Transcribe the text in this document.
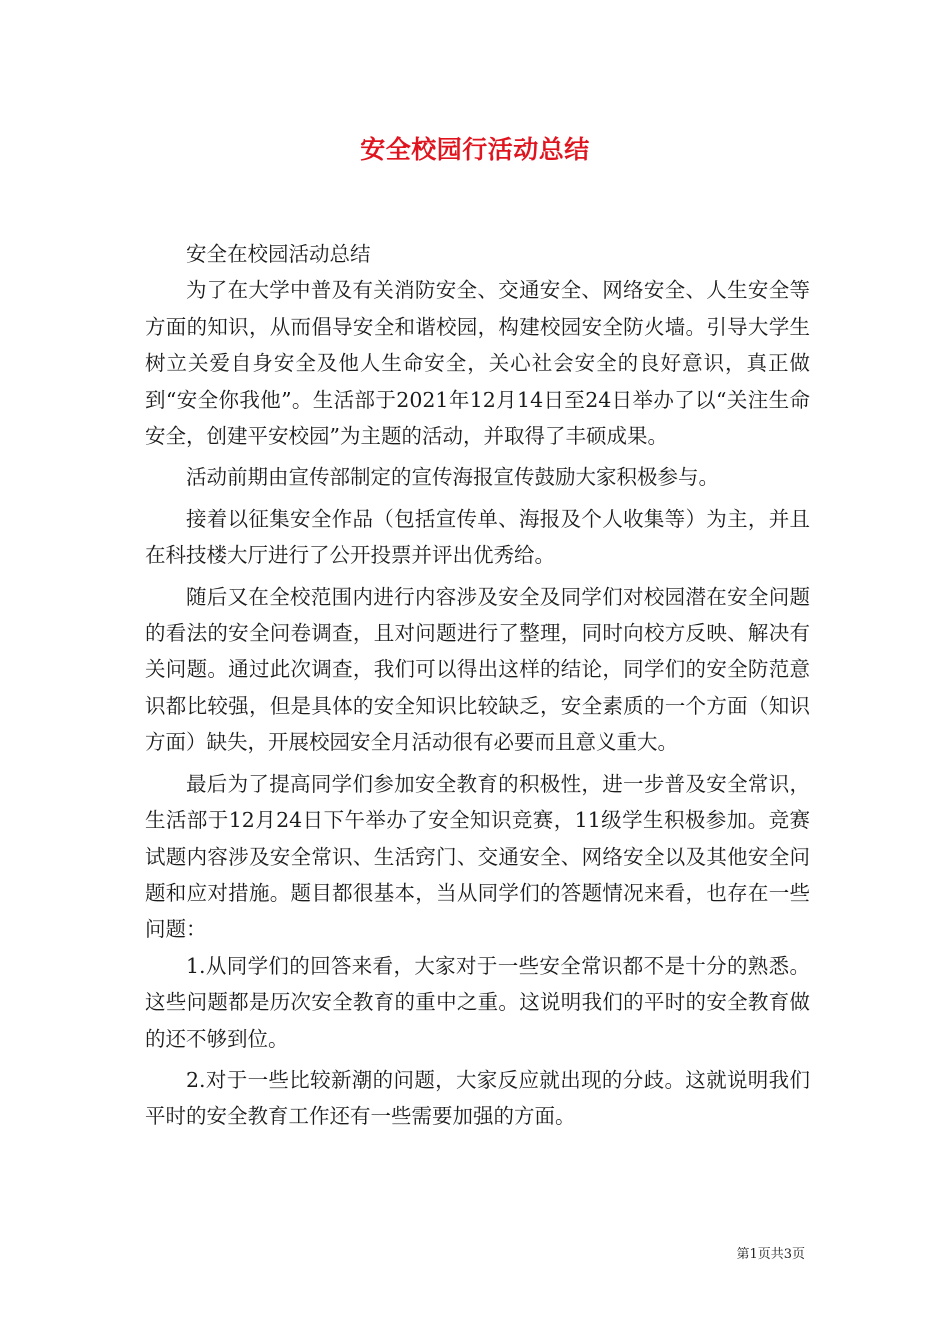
安全校园行活动总结

安全在校园活动总结

为了在大学中普及有关消防安全、交通安全、网络安全、人生安全等方面的知识，从而倡导安全和谐校园，构建校园安全防火墙。引导大学生树立关爱自身安全及他人生命安全，关心社会安全的良好意识，真正做到“安全你我他”。生活部于2021年12月14日至24日举办了以“关注生命安全，创建平安校园”为主题的活动，并取得了丰硕成果。

活动前期由宣传部制定的宣传海报宣传鼓励大家积极参与。

接着以征集安全作品（包括宣传单、海报及个人收集等）为主，并且在科技楼大厅进行了公开投票并评出优秀给。

随后又在全校范围内进行内容涉及安全及同学们对校园潜在安全问题的看法的安全问卷调查，且对问题进行了整理，同时向校方反映、解决有关问题。通过此次调查，我们可以得出这样的结论，同学们的安全防范意识都比较强，但是具体的安全知识比较缺乏，安全素质的一个方面（知识方面）缺失，开展校园安全月活动很有必要而且意义重大。

最后为了提高同学们参加安全教育的积极性，进一步普及安全常识，生活部于12月24日下午举办了安全知识竞赛，11级学生积极参加。竞赛试题内容涉及安全常识、生活窍门、交通安全、网络安全以及其他安全问题和应对措施。题目都很基本，当从同学们的答题情况来看，也存在一些问题：

1.从同学们的回答来看，大家对于一些安全常识都不是十分的熟悉。这些问题都是历次安全教育的重中之重。这说明我们的平时的安全教育做的还不够到位。

2.对于一些比较新潮的问题，大家反应就出现的分歧。这就说明我们平时的安全教育工作还有一些需要加强的方面。

第1页共3页
